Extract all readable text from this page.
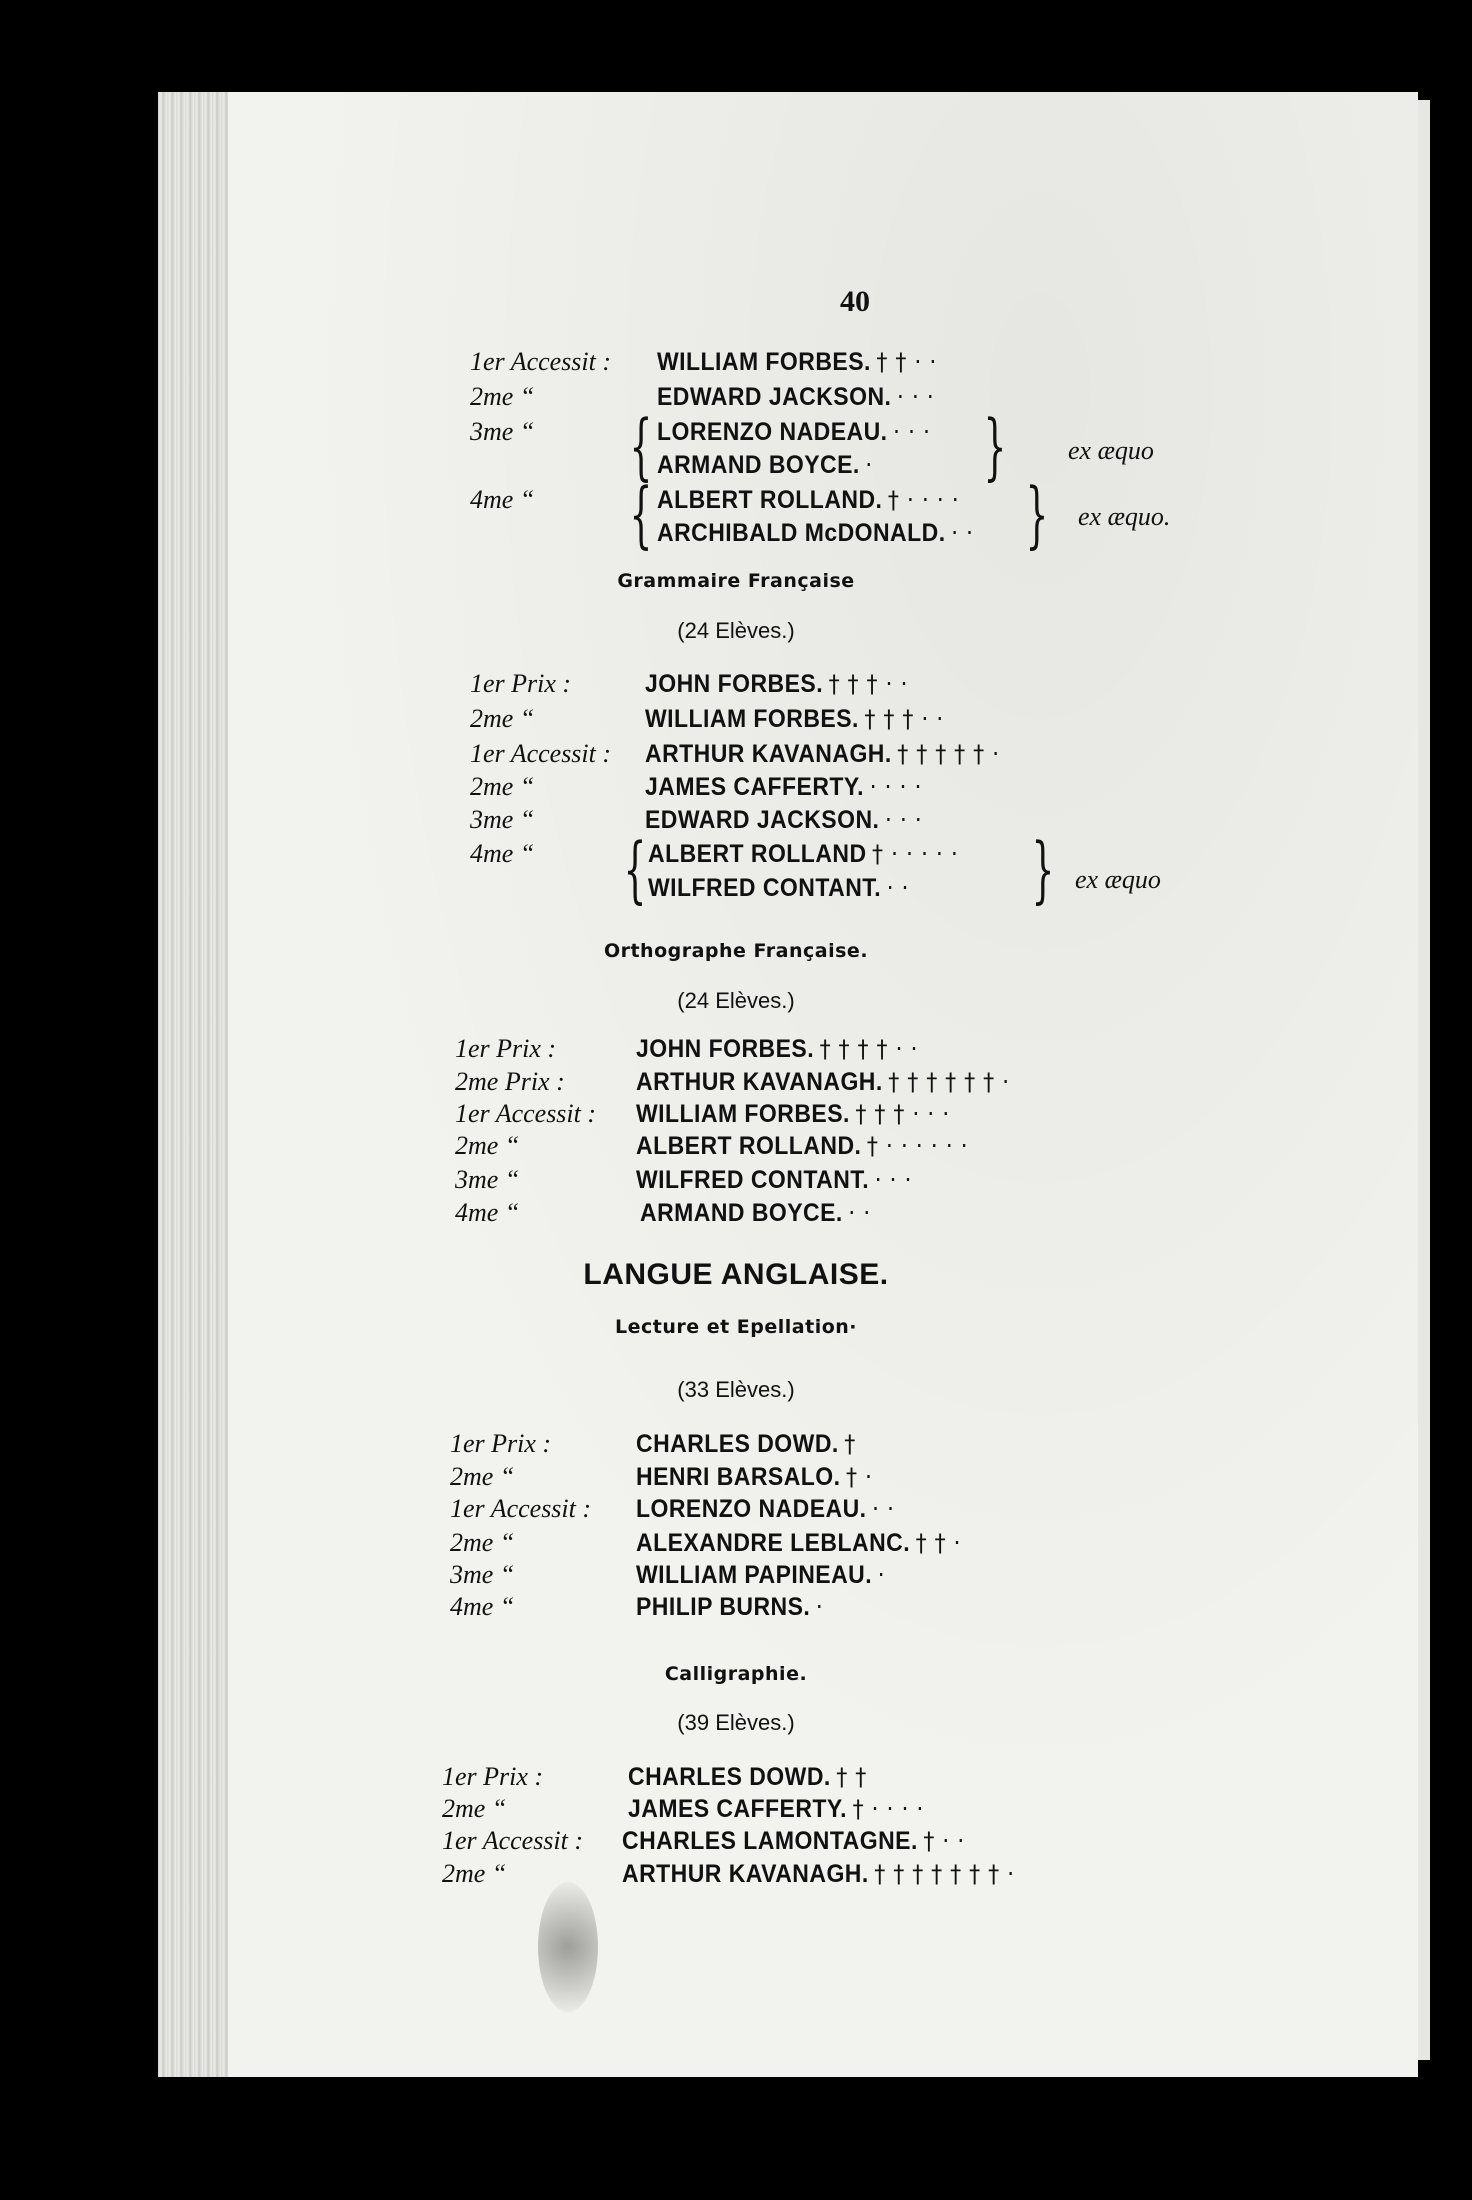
40
1er Accessit : WILLIAM FORBES. † † · ·
2me “	EDWARD JACKSON. · · ·
3me “	LORENZO NADEAU. · · ·
ARMAND BOYCE. ·
{	} ex æquo
4me “	ALBERT ROLLAND. † · · · ·
ARCHIBALD McDONALD. · ·
{	} ex æquo.
Grammaire Française
(24 Elèves.)
1er Prix :	JOHN FORBES. † † † · ·
2me “	WILLIAM FORBES. † † † · ·
1er Accessit : ARTHUR KAVANAGH. † † † † † ·
2me “	JAMES CAFFERTY. · · · ·
3me “	EDWARD JACKSON. · · ·
4me “	ALBERT ROLLAND † · · · · ·
WILFRED CONTANT. · ·
{	} ex æquo
Orthographe Française.
(24 Elèves.)
1er Prix :	JOHN FORBES. † † † † · ·
2me Prix :	ARTHUR KAVANAGH. † † † † † † ·
1er Accessit : WILLIAM FORBES. † † † · · ·
2me “	ALBERT ROLLAND. † · · · · · ·
3me “	WILFRED CONTANT. · · ·
4me “	ARMAND BOYCE. · ·
LANGUE ANGLAISE.
Lecture et Epellation·
(33 Elèves.)
1er Prix :	CHARLES DOWD. †
2me “	HENRI BARSALO. † ·
1er Accessit : LORENZO NADEAU. · ·
2me “	ALEXANDRE LEBLANC. † † ·
3me “	WILLIAM PAPINEAU. ·
4me “	PHILIP BURNS. ·
Calligraphie.
(39 Elèves.)
1er Prix :	CHARLES DOWD. † †
2me “	JAMES CAFFERTY. † · · · ·
1er Accessit : CHARLES LAMONTAGNE. † · ·
2me “	ARTHUR KAVANAGH. † † † † † † † ·
